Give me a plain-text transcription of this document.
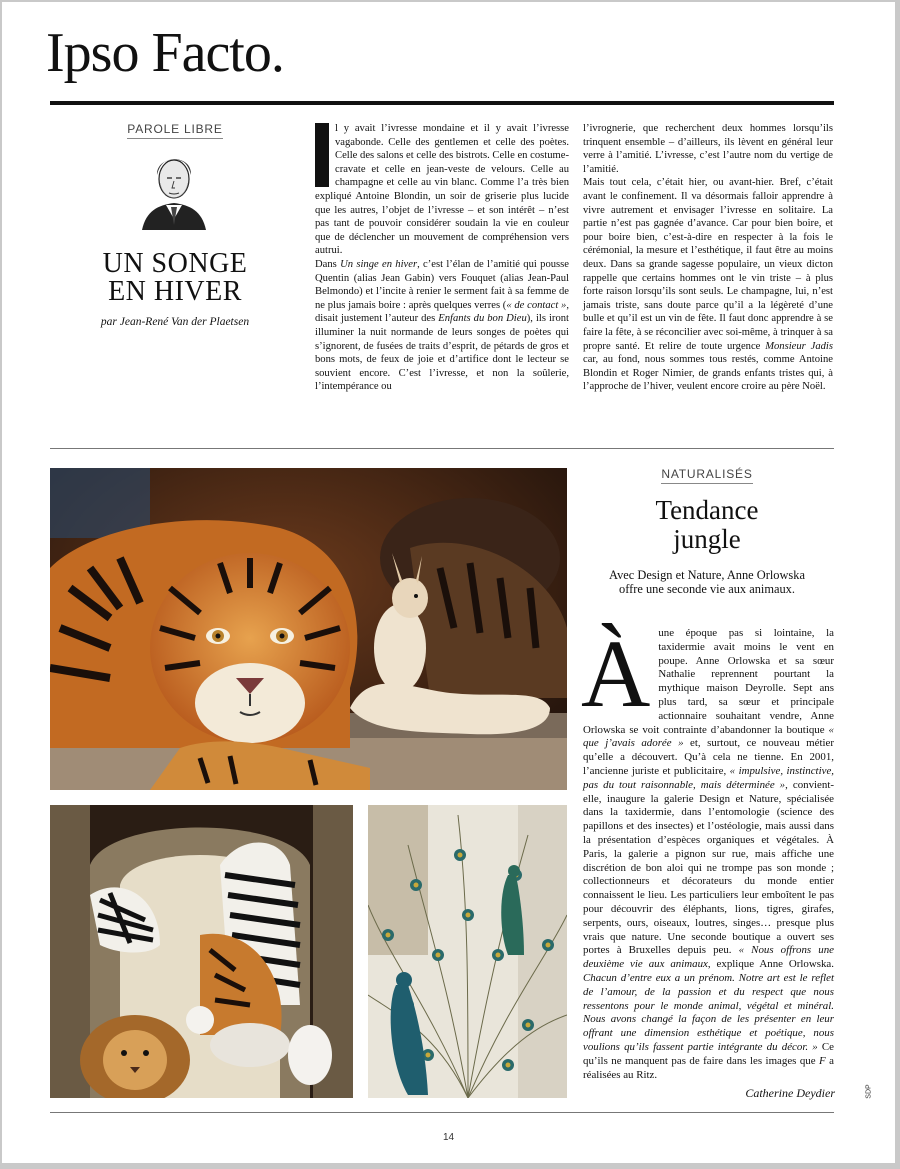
Ipso Facto.
PAROLE LIBRE
UN SONGE
EN HIVER
par Jean-René Van der Plaetsen

l y avait l’ivresse mondaine et il y avait l’ivresse vagabonde. Celle des gentlemen et celle des poètes. Celle des salons et celle des bistrots. Celle en costume-cravate et celle en jean-veste de velours. Celle au champagne et celle au vin blanc. Comme l’a très bien expliqué Antoine Blondin, un soir de griserie plus lucide que les autres, l’objet de l’ivresse – et son intérêt – n’est pas tant de pouvoir considérer soudain la vie en couleur que de déclencher un mouvement de compréhension vers autrui.

Dans Un singe en hiver, c’est l’élan de l’amitié qui pousse Quentin (alias Jean Gabin) vers Fouquet (alias Jean-Paul Belmondo) et l’incite à renier le serment fait à sa femme de ne plus jamais boire : après quelques verres (« de contact », disait justement l’auteur des Enfants du bon Dieu), ils iront illuminer la nuit normande de leurs songes de poètes qui s’ignorent, de fusées de traits d’esprit, de pétards de gros et bons mots, de feux de joie et d’artifice dont le lecteur se souvient encore. C’est l’ivresse, et non la soûlerie, l’intempérance ou

l’ivrognerie, que recherchent deux hommes lorsqu’ils trinquent ensemble – d’ailleurs, ils lèvent en général leur verre à l’amitié. L’ivresse, c’est l’autre nom du vertige de l’amitié.

Mais tout cela, c’était hier, ou avant-hier. Bref, c’était avant le confinement. Il va désormais falloir apprendre à vivre autrement et envisager l’ivresse en solitaire. La partie n’est pas gagnée d’avance. Car pour bien boire, et pour boire bien, c’est-à-dire en respecter à la fois le cérémonial, la mesure et l’esthétique, il faut être au moins deux. Dans sa grande sagesse populaire, un vieux dicton rappelle que certains hommes ont le vin triste – à plus forte raison lorsqu’ils sont seuls. Le champagne, lui, n’est jamais triste, sans doute parce qu’il a la légèreté d’une bulle et qu’il est un vin de fête. Il faut donc apprendre à se faire la fête, à se réconcilier avec soi-même, à trinquer à sa propre santé. Et relire de toute urgence Monsieur Jadis car, au fond, nous sommes tous restés, comme Antoine Blondin et Roger Nimier, de grands enfants tristes qui, à l’approche de l’hiver, veulent encore croire au père Noël.

NATURALISÉS
Tendance
jungle
Avec Design et Nature, Anne Orlowska
offre une seconde vie aux animaux.

À une époque pas si lointaine, la taxidermie avait moins le vent en poupe. Anne Orlowska et sa sœur Nathalie reprennent pourtant la mythique maison Deyrolle. Sept ans plus tard, sa sœur et principale actionnaire souhaitant vendre, Anne Orlowska se voit contrainte d’abandonner la boutique « que j’avais adorée » et, surtout, ce nouveau métier qu’elle a découvert. Qu’à cela ne tienne. En 2001, l’ancienne juriste et publicitaire, « impulsive, instinctive, pas du tout raisonnable, mais déterminée », convient-elle, inaugure la galerie Design et Nature, spécialisée dans la taxidermie, dans l’entomologie (science des papillons et des insectes) et l’ostéologie, mais aussi dans la présentation d’espèces organiques et végétales. À Paris, la galerie a pignon sur rue, mais affiche une discrétion de bon aloi qui ne trompe pas son monde ; collectionneurs et décorateurs du monde entier connaissent le lieu. Les particuliers leur emboîtent le pas pour découvrir des éléphants, lions, tigres, girafes, serpents, ours, oiseaux, loutres, singes… presque plus vrais que nature. Une seconde boutique a ouvert ses portes à Bruxelles depuis peu. « Nous offrons une deuxième vie aux animaux, explique Anne Orlowska. Chacun d’entre eux a un prénom. Notre art est le reflet de l’amour, de la passion et du respect que nous ressentons pour le monde animal, végétal et minéral. Nous avons changé la façon de les présenter en leur offrant une dimension esthétique et poétique, nous voulions qu’ils fassent partie intégrante du décor. » Ce qu’ils ne manquent pas de faire dans les images que F a réalisées au Ritz.

Catherine Deydier
14
SDP
